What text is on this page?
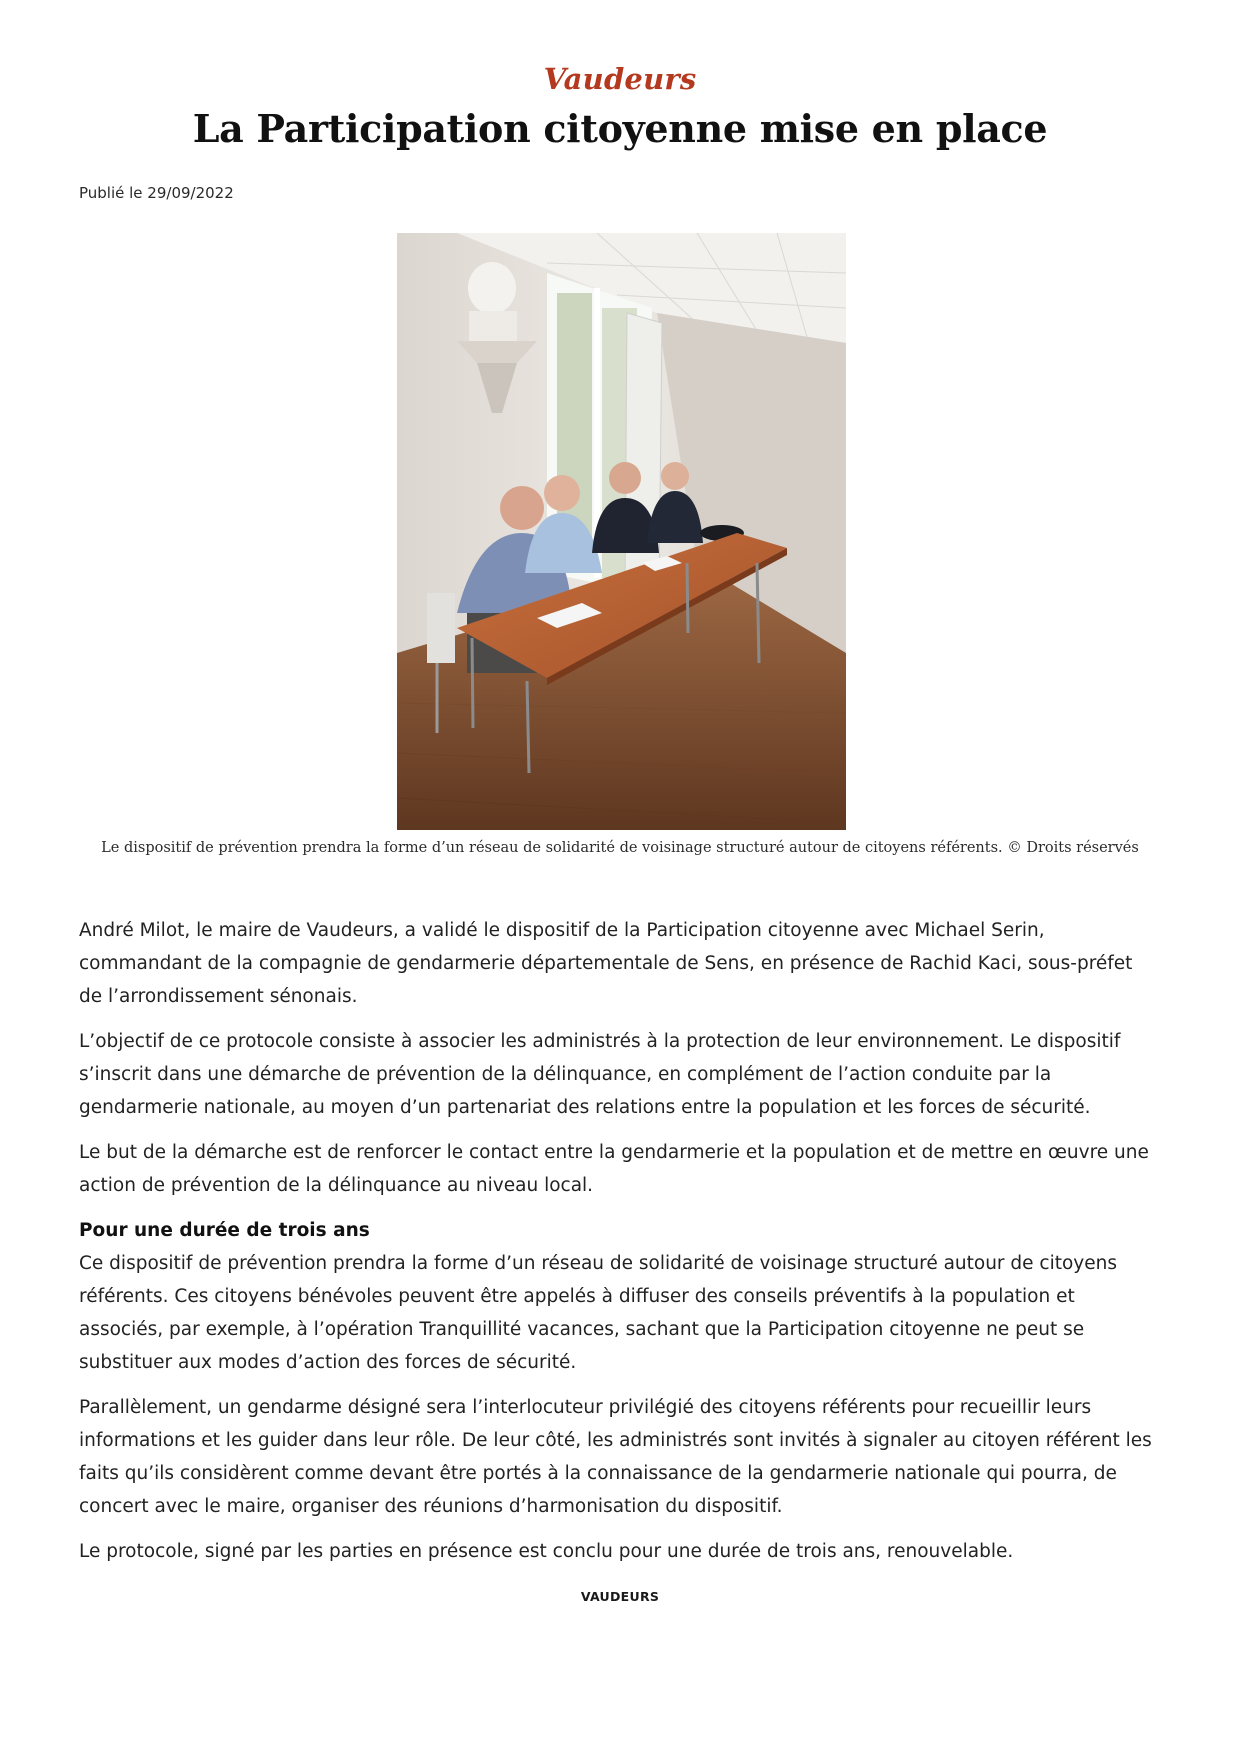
Vaudeurs
La Participation citoyenne mise en place
Publié le 29/09/2022
Le dispositif de prévention prendra la forme d’un réseau de solidarité de voisinage structuré autour de citoyens référents. © Droits réservés

André Milot, le maire de Vaudeurs, a validé le dispositif de la Participation citoyenne avec Michael Serin, commandant de la compagnie de gendarmerie départementale de Sens, en présence de Rachid Kaci, sous-préfet de l’arrondissement sénonais.

L’objectif de ce protocole consiste à associer les administrés à la protection de leur environnement. Le dispositif s’inscrit dans une démarche de prévention de la délinquance, en complément de l’action conduite par la gendarmerie nationale, au moyen d’un partenariat des relations entre la population et les forces de sécurité.

Le but de la démarche est de renforcer le contact entre la gendarmerie et la population et de mettre en œuvre une action de prévention de la délinquance au niveau local.

Pour une durée de trois ans
Ce dispositif de prévention prendra la forme d’un réseau de solidarité de voisinage structuré autour de citoyens référents. Ces citoyens bénévoles peuvent être appelés à diffuser des conseils préventifs à la population et associés, par exemple, à l’opération Tranquillité vacances, sachant que la Participation citoyenne ne peut se substituer aux modes d’action des forces de sécurité.

Parallèlement, un gendarme désigné sera l’interlocuteur privilégié des citoyens référents pour recueillir leurs informations et les guider dans leur rôle. De leur côté, les administrés sont invités à signaler au citoyen référent les faits qu’ils considèrent comme devant être portés à la connaissance de la gendarmerie nationale qui pourra, de concert avec le maire, organiser des réunions d’harmonisation du dispositif.

Le protocole, signé par les parties en présence est conclu pour une durée de trois ans, renouvelable.

VAUDEURS
